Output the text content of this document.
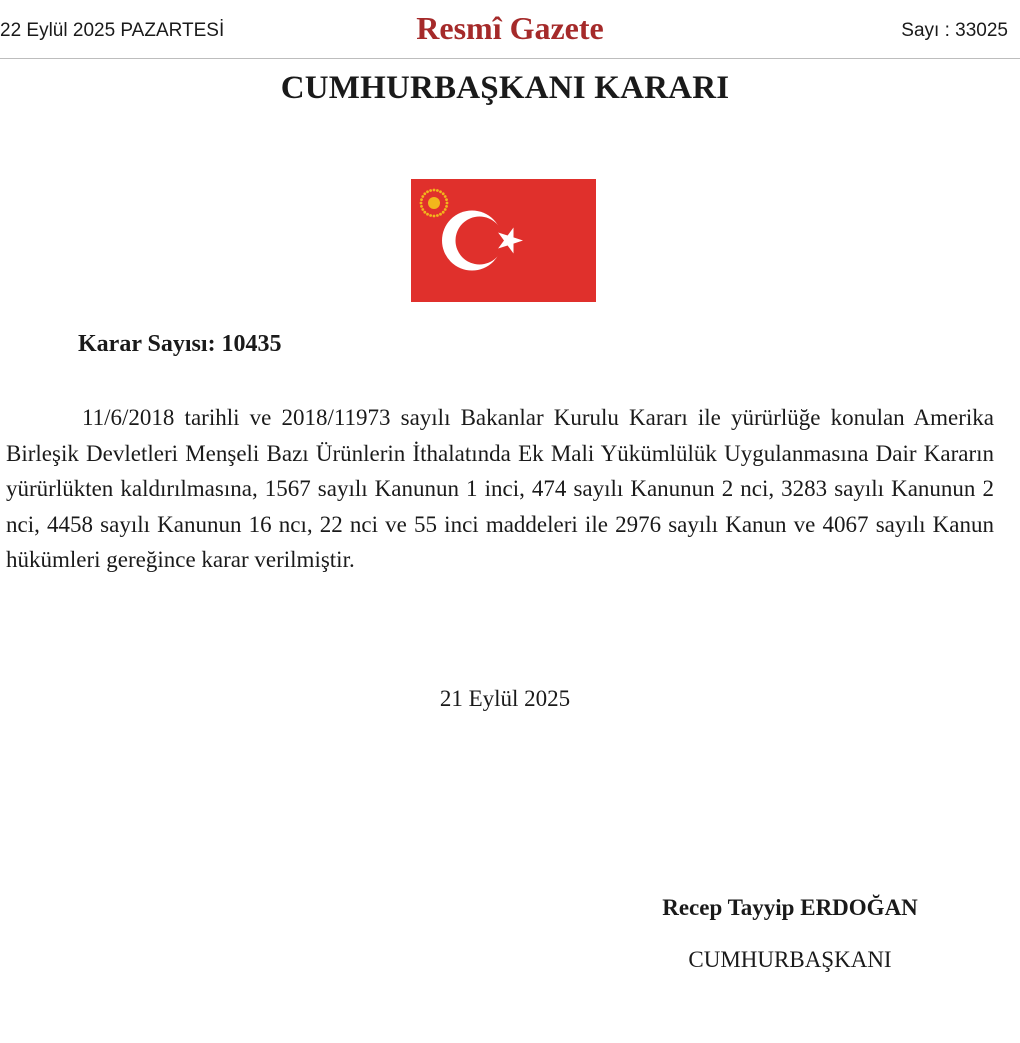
22 Eylül 2025 PAZARTESİ	Resmî Gazete	Sayı : 33025
CUMHURBAŞKANI KARARI
Karar Sayısı: 10435

11/6/2018 tarihli ve 2018/11973 sayılı Bakanlar Kurulu Kararı ile yürürlüğe konulan Amerika Birleşik Devletleri Menşeli Bazı Ürünlerin İthalatında Ek Mali Yükümlülük Uygulanmasına Dair Kararın yürürlükten kaldırılmasına, 1567 sayılı Kanunun 1 inci, 474 sayılı Kanunun 2 nci, 3283 sayılı Kanunun 2 nci, 4458 sayılı Kanunun 16 ncı, 22 nci ve 55 inci maddeleri ile 2976 sayılı Kanun ve 4067 sayılı Kanun hükümleri gereğince karar verilmiştir.

21 Eylül 2025
Recep Tayyip ERDOĞAN
CUMHURBAŞKANI
